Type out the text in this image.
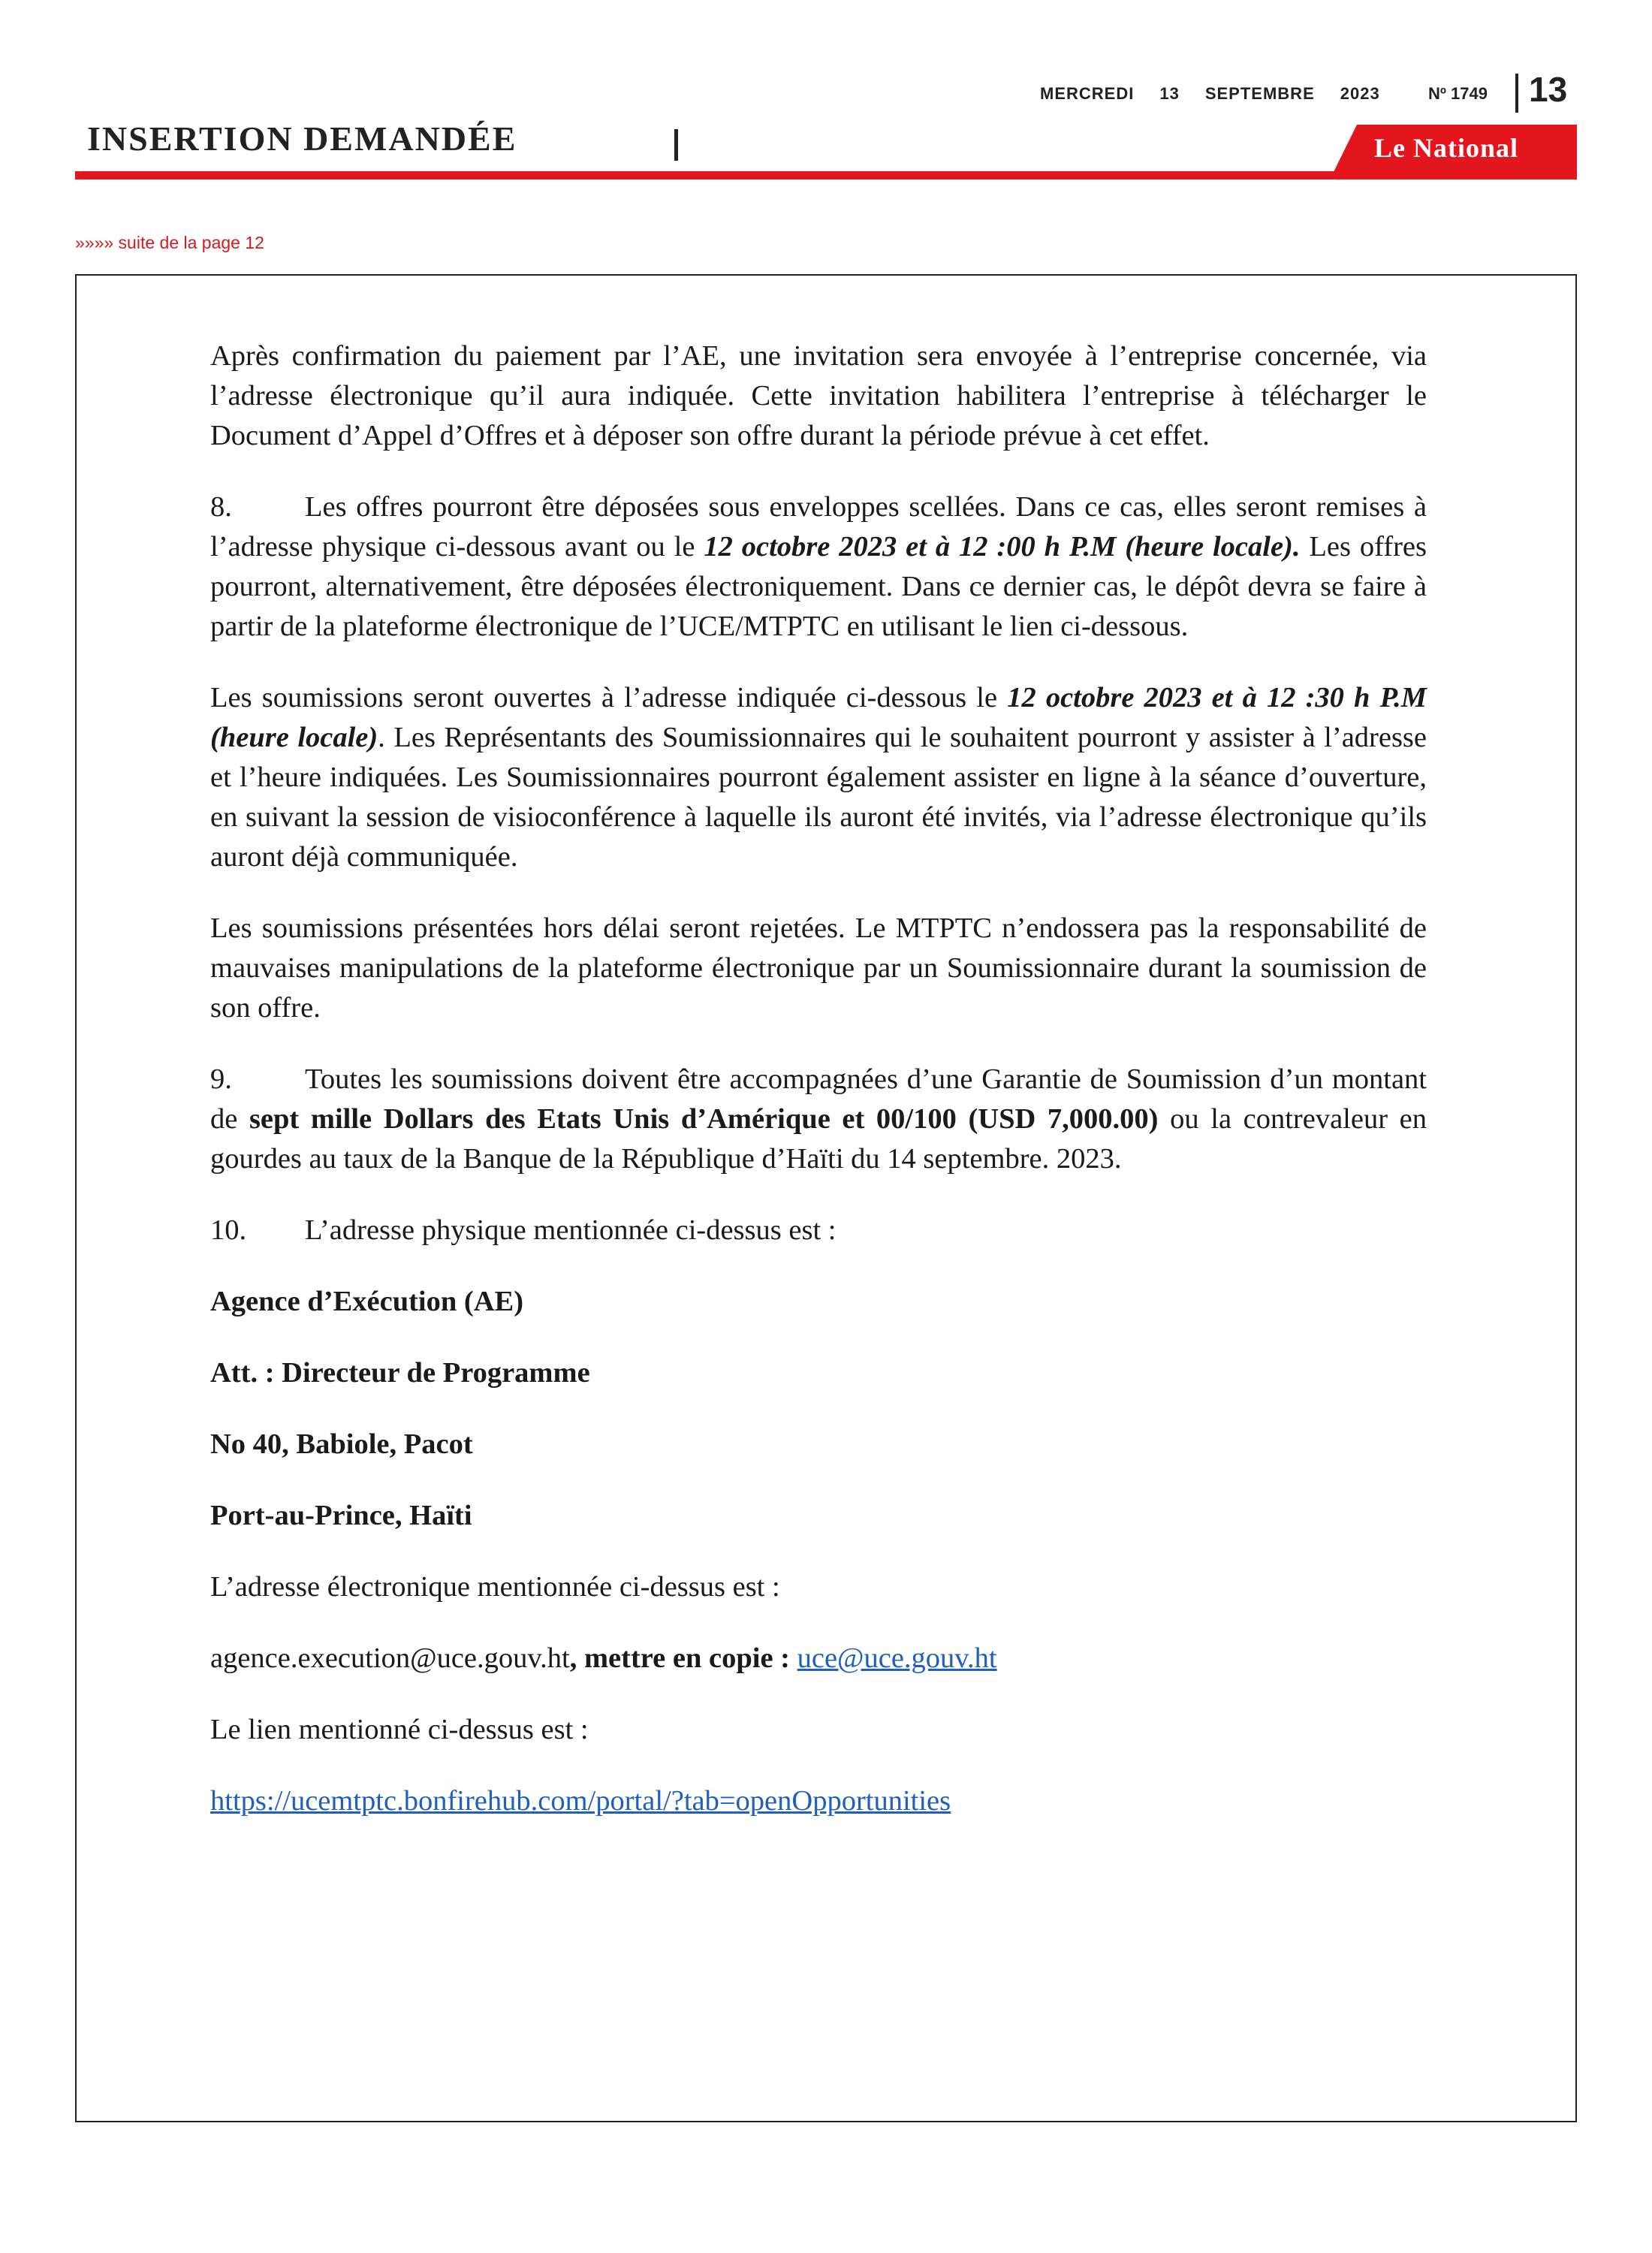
MERCREDI 13 SEPTEMBRE 2023	Nº 1749 13
INSERTION DEMANDÉE	Le National
»»»» suite de la page 12

Après confirmation du paiement par l’AE, une invitation sera envoyée à l’entreprise concernée, via l’adresse électronique qu’il aura indiquée. Cette invitation habilitera l’entreprise à télécharger le Document d’Appel d’Offres et à déposer son offre durant la période prévue à cet effet.

8.	Les offres pourront être déposées sous enveloppes scellées. Dans ce cas, elles seront remises à l’adresse physique ci-dessous avant ou le 12 octobre 2023 et à 12 :00 h P.M (heure locale). Les offres pourront, alternativement, être déposées électroniquement. Dans ce dernier cas, le dépôt devra se faire à partir de la plateforme électronique de l’UCE/MTPTC en utilisant le lien ci-dessous.

Les soumissions seront ouvertes à l’adresse indiquée ci-dessous le 12 octobre 2023 et à 12 :30 h P.M (heure locale). Les Représentants des Soumissionnaires qui le souhaitent pourront y assister à l’adresse et l’heure indiquées. Les Soumissionnaires pourront également assister en ligne à la séance d’ouverture, en suivant la session de visioconférence à laquelle ils auront été invités, via l’adresse électronique qu’ils auront déjà communiquée.

Les soumissions présentées hors délai seront rejetées. Le MTPTC n’endossera pas la responsabilité de mauvaises manipulations de la plateforme électronique par un Soumissionnaire durant la soumission de son offre.

9.	Toutes les soumissions doivent être accompagnées d’une Garantie de Soumission d’un montant de sept mille Dollars des Etats Unis d’Amérique et 00/100 (USD 7,000.00) ou la contrevaleur en gourdes au taux de la Banque de la République d’Haïti du 14 septembre. 2023.

10. L’adresse physique mentionnée ci-dessus est :

Agence d’Exécution (AE)

Att. : Directeur de Programme

No 40, Babiole, Pacot

Port-au-Prince, Haïti

L’adresse électronique mentionnée ci-dessus est :

agence.execution@uce.gouv.ht, mettre en copie : uce@uce.gouv.ht

Le lien mentionné ci-dessus est :

https://ucemtptc.bonfirehub.com/portal/?tab=openOpportunities
